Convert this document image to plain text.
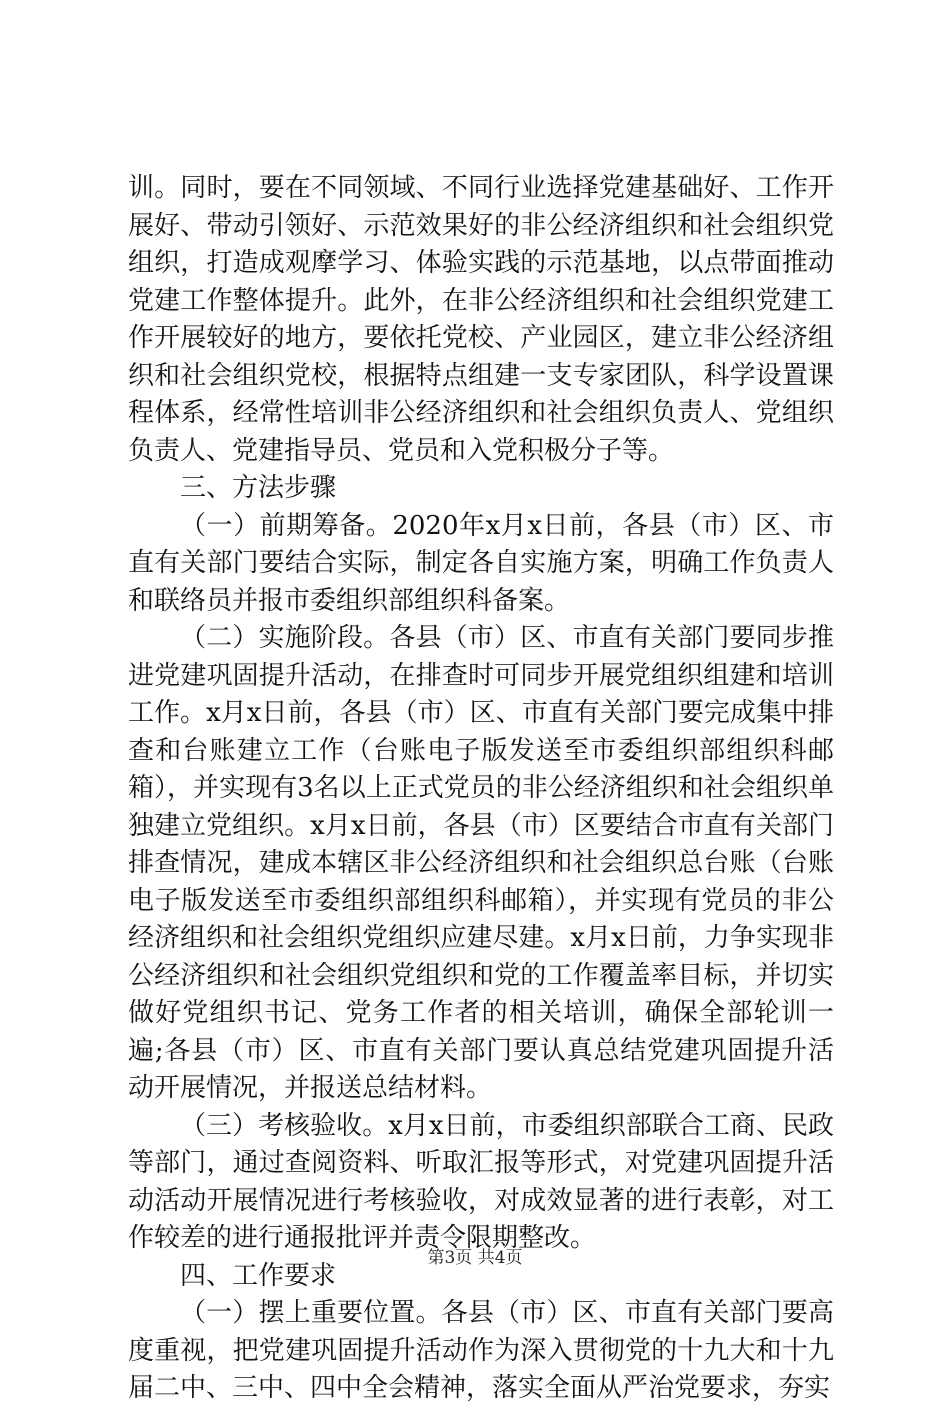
训。同时，要在不同领域、不同行业选择党建基础好、工作开展好、带动引领好、示范效果好的非公经济组织和社会组织党组织，打造成观摩学习、体验实践的示范基地，以点带面推动党建工作整体提升。此外，在非公经济组织和社会组织党建工作开展较好的地方，要依托党校、产业园区，建立非公经济组织和社会组织党校，根据特点组建一支专家团队，科学设置课程体系，经常性培训非公经济组织和社会组织负责人、党组织负责人、党建指导员、党员和入党积极分子等。

三、方法步骤

（一）前期筹备。2020年x月x日前，各县（市）区、市直有关部门要结合实际，制定各自实施方案，明确工作负责人和联络员并报市委组织部组织科备案。

（二）实施阶段。各县（市）区、市直有关部门要同步推进党建巩固提升活动，在排查时可同步开展党组织组建和培训工作。x月x日前，各县（市）区、市直有关部门要完成集中排查和台账建立工作（台账电子版发送至市委组织部组织科邮箱），并实现有3名以上正式党员的非公经济组织和社会组织单独建立党组织。x月x日前，各县（市）区要结合市直有关部门排查情况，建成本辖区非公经济组织和社会组织总台账（台账电子版发送至市委组织部组织科邮箱），并实现有党员的非公经济组织和社会组织党组织应建尽建。x月x日前，力争实现非公经济组织和社会组织党组织和党的工作覆盖率目标，并切实做好党组织书记、党务工作者的相关培训，确保全部轮训一遍;各县（市）区、市直有关部门要认真总结党建巩固提升活动开展情况，并报送总结材料。

（三）考核验收。x月x日前，市委组织部联合工商、民政等部门，通过查阅资料、听取汇报等形式，对党建巩固提升活动活动开展情况进行考核验收，对成效显著的进行表彰，对工作较差的进行通报批评并责令限期整改。

四、工作要求

（一）摆上重要位置。各县（市）区、市直有关部门要高度重视，把党建巩固提升活动作为深入贯彻党的十九大和十九届二中、三中、四中全会精神，落实全面从严治党要求，夯实

第3页 共4页
